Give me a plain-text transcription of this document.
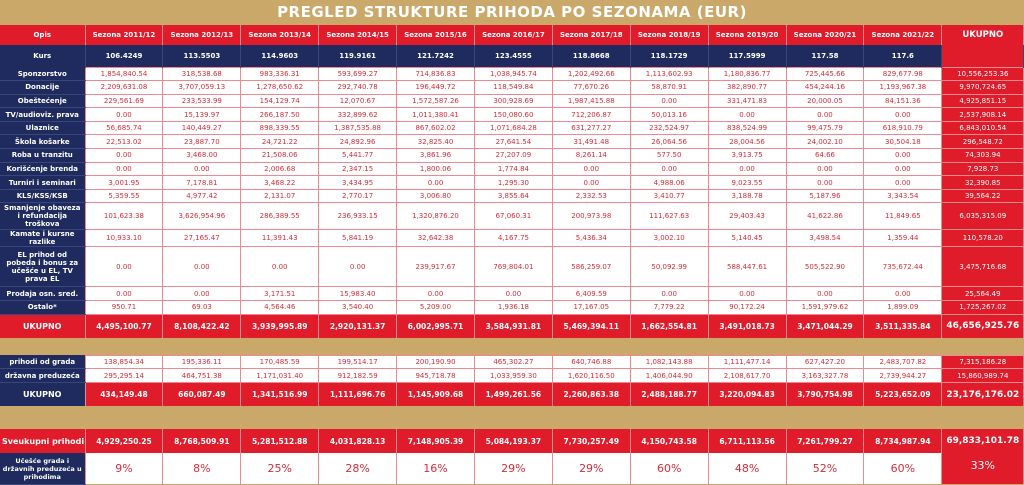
PREGLED STRUKTURE PRIHODA PO SEZONAMA (EUR)
Opis	Sezona 2011/12	Sezona 2012/13	Sezona 2013/14	Sezona 2014/15	Sezona 2015/16	Sezona 2016/17	Sezona 2017/18	Sezona 2018/19	Sezona 2019/20	Sezona 2020/21	Sezona 2021/22	UKUPNO
Kurs	106.4249	113.5503	114.9603	119.9161	121.7242	123.4555	118.8668	118.1729	117.5999	117.58	117.6	
Sponzorstvo	1,854,840.54	318,538.68	983,336.31	593,699.27	714,836.83	1,038,945.74	1,202,492.66	1,113,602.93	1,180,836.77	725,445.66	829,677.98	10,556,253.36
Donacije	2,209,631.08	3,707,059.13	1,278,650.62	292,740.78	196,449.72	118,549.84	77,670.26	58,870.91	382,890.77	454,244.16	1,193,967.38	9,970,724.65
Obeštećenje	229,561.69	233,533.99	154,129.74	12,070.67	1,572,587.26	300,928.69	1,987,415.88	0.00	331,471.83	20,000.05	84,151.36	4,925,851.15
TV/audioviz. prava	0.00	15,139.97	266,187.50	332,899.62	1,011,380.41	150,080.60	712,206.87	50,013.16	0.00	0.00	0.00	2,537,908.14
Ulaznice	56,685.74	140,449.27	898,339.55	1,387,535.88	867,602.02	1,071,684.28	631,277.27	232,524.97	838,524.99	99,475.79	618,910.79	6,843,010.54
Škola košarke	22,513.02	23,887.70	24,721.22	24,892.96	32,825.40	27,641.54	31,491.48	26,064.56	28,004.56	24,002.10	30,504.18	296,548.72
Roba u tranzitu	0.00	3,468.00	21,508.06	5,441.77	3,861.96	27,207.09	8,261.14	577.50	3,913.75	64.66	0.00	74,303.94
Korišćenje brenda	0.00	0.00	2,006.68	2,347.15	1,800.06	1,774.84	0.00	0.00	0.00	0.00	0.00	7,928.73
Turniri i seminari	3,001.95	7,178.81	3,468.22	3,434.95	0.00	1,295.30	0.00	4,988.06	9,023.55	0.00	0.00	32,390.85
KLS/KSS/KSB	5,359.55	4,977.42	2,131.07	2,770.17	3,006.80	3,855.64	2,332.53	3,410.77	3,188.78	5,187.96	3,343.54	39,564.22
Smanjenje obaveza i refundacija troškova	101,623.38	3,626,954.96	286,389.55	236,933.15	1,320,876.20	67,060.31	200,973.98	111,627.63	29,403.43	41,622.86	11,849.65	6,035,315.09
Kamate i kursne razlike	10,933.10	27,165.47	11,391.43	5,841.19	32,642.38	4,167.75	5,436.34	3,002.10	5,140.45	3,498.54	1,359.44	110,578.20
EL prihod od pobeda i bonus za učešće u EL, TV prava EL	0.00	0.00	0.00	0.00	239,917.67	769,804.01	586,259.07	50,092.99	588,447.61	505,522.90	735,672.44	3,475,716.68
Prodaja osn. sred.	0.00	0.00	3,171.51	15,983.40	0.00	0.00	6,409.59	0.00	0.00	0.00	0.00	25,564.49
Ostalo*	950.71	69.03	4,564.46	3,540.40	5,209.00	1,936.18	17,167.05	7,779.22	90,172.24	1,591,979.62	1,899.09	1,725,267.02
UKUPNO	4,495,100.77	8,108,422.42	3,939,995.89	2,920,131.37	6,002,995.71	3,584,931.81	5,469,394.11	1,662,554.81	3,491,018.73	3,471,044.29	3,511,335.84	46,656,925.76

prihodi od grada	138,854.34	195,336.11	170,485.59	199,514.17	200,190.90	465,302.27	640,746.88	1,082,143.88	1,111,477.14	627,427.20	2,483,707.82	7,315,186.28
državna preduzeća	295,295.14	464,751.38	1,171,031.40	912,182.59	945,718.78	1,033,959.30	1,620,116.50	1,406,044.90	2,108,617.70	3,163,327.78	2,739,944.27	15,860,989.74
UKUPNO	434,149.48	660,087.49	1,341,516.99	1,111,696.76	1,145,909.68	1,499,261.56	2,260,863.38	2,488,188.77	3,220,094.83	3,790,754.98	5,223,652.09	23,176,176.02

Sveukupni prihodi	4,929,250.25	8,768,509.91	5,281,512.88	4,031,828.13	7,148,905.39	5,084,193.37	7,730,257.49	4,150,743.58	6,711,113.56	7,261,799.27	8,734,987.94	69,833,101.78
Učešće grada i državnih preduzeća u prihodima	9%	8%	25%	28%	16%	29%	29%	60%	48%	52%	60%	33%
